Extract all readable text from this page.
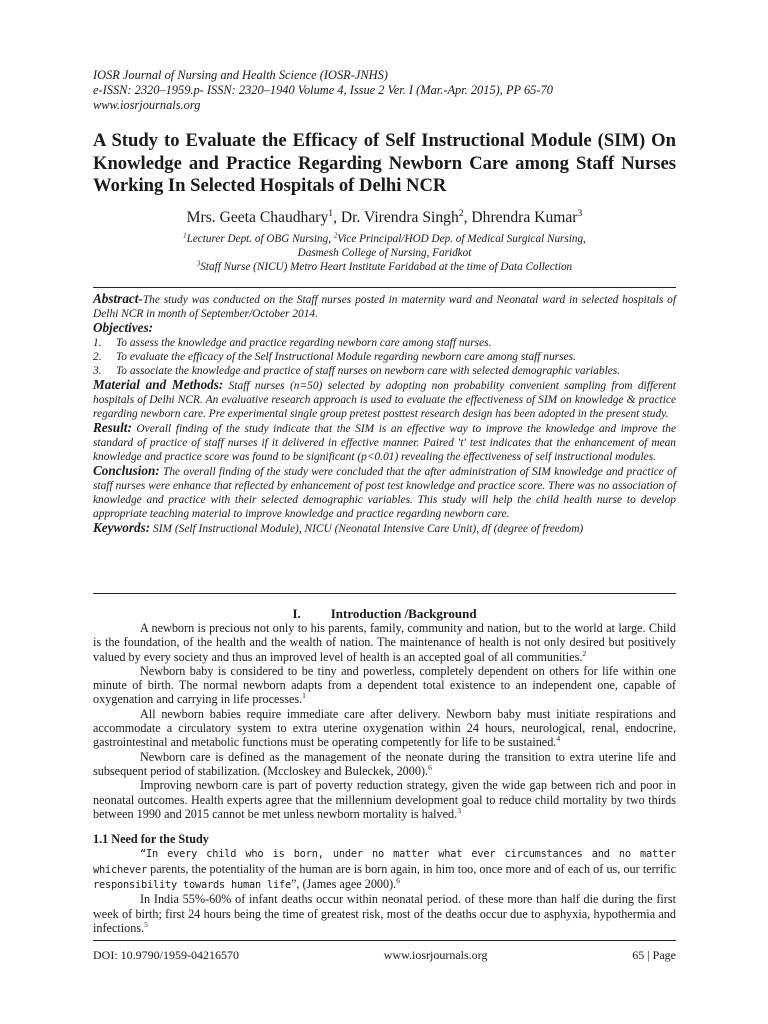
IOSR Journal of Nursing and Health Science (IOSR-JNHS)
e-ISSN: 2320–1959.p- ISSN: 2320–1940 Volume 4, Issue 2 Ver. I (Mar.-Apr. 2015), PP 65-70
www.iosrjournals.org
A Study to Evaluate the Efficacy of Self Instructional Module (SIM) On Knowledge and Practice Regarding Newborn Care among Staff Nurses Working In Selected Hospitals of Delhi NCR
Mrs. Geeta Chaudhary$^1$, Dr. Virendra Singh$^2$, Dhrendra Kumar$^3$
$^1$Lecturer Dept. of OBG Nursing, $^2$Vice Principal/HOD Dep. of Medical Surgical Nursing,
Dasmesh College of Nursing, Faridkot
$^3$Staff Nurse (NICU) Metro Heart Institute Faridabad at the time of Data Collection

Abstract-The study was conducted on the Staff nurses posted in maternity ward and Neonatal ward in selected hospitals of Delhi NCR in month of September/October 2014.

Objectives:

1.	To assess the knowledge and practice regarding newborn care among staff nurses.
2.	To evaluate the efficacy of the Self Instructional Module regarding newborn care among staff nurses.
3.	To associate the knowledge and practice of staff nurses on newborn care with selected demographic variables.

Material and Methods: Staff nurses (n=50) selected by adopting non probability convenient sampling from different hospitals of Delhi NCR. An evaluative research approach is used to evaluate the effectiveness of SIM on knowledge & practice regarding newborn care. Pre experimental single group pretest posttest research design has been adopted in the present study.

Result: Overall finding of the study indicate that the SIM is an effective way to improve the knowledge and improve the standard of practice of staff nurses if it delivered in effective manner. Paired 't' test indicates that the enhancement of mean knowledge and practice score was found to be significant (p<0.01) revealing the effectiveness of self instructional modules.

Conclusion: The overall finding of the study were concluded that the after administration of SIM knowledge and practice of staff nurses were enhance that reflected by enhancement of post test knowledge and practice score. There was no association of knowledge and practice with their selected demographic variables. This study will help the child health nurse to develop appropriate teaching material to improve knowledge and practice regarding newborn care.

Keywords: SIM (Self Instructional Module), NICU (Neonatal Intensive Care Unit), df (degree of freedom)

I. Introduction /Background

A newborn is precious not only to his parents, family, community and nation, but to the world at large. Child is the foundation, of the health and the wealth of nation. The maintenance of health is not only desired but positively valued by every society and thus an improved level of health is an accepted goal of all communities.$^2$

Newborn baby is considered to be tiny and powerless, completely dependent on others for life within one minute of birth. The normal newborn adapts from a dependent total existence to an independent one, capable of oxygenation and carrying in life processes.$^1$

All newborn babies require immediate care after delivery. Newborn baby must initiate respirations and accommodate a circulatory system to extra uterine oxygenation within 24 hours, neurological, renal, endocrine, gastrointestinal and metabolic functions must be operating competently for life to be sustained.$^4$

Newborn care is defined as the management of the neonate during the transition to extra uterine life and subsequent period of stabilization. (Mccloskey and Buleckek, 2000).$^6$

Improving newborn care is part of poverty reduction strategy, given the wide gap between rich and poor in neonatal outcomes. Health experts agree that the millennium development goal to reduce child mortality by two thirds between 1990 and 2015 cannot be met unless newborn mortality is halved.$^3$

1.1 Need for the Study

“In every child who is born, under no matter what ever circumstances and no matter whichever parents, the potentiality of the human are is born again, in him too, once more and of each of us, our terrific responsibility towards human life”, (James agee 2000).$^6$

In India 55%-60% of infant deaths occur within neonatal period. of these more than half die during the first week of birth; first 24 hours being the time of greatest risk, most of the deaths occur due to asphyxia, hypothermia and infections.$^5$

DOI: 10.9790/1959-04216570	www.iosrjournals.org	65 | Page
